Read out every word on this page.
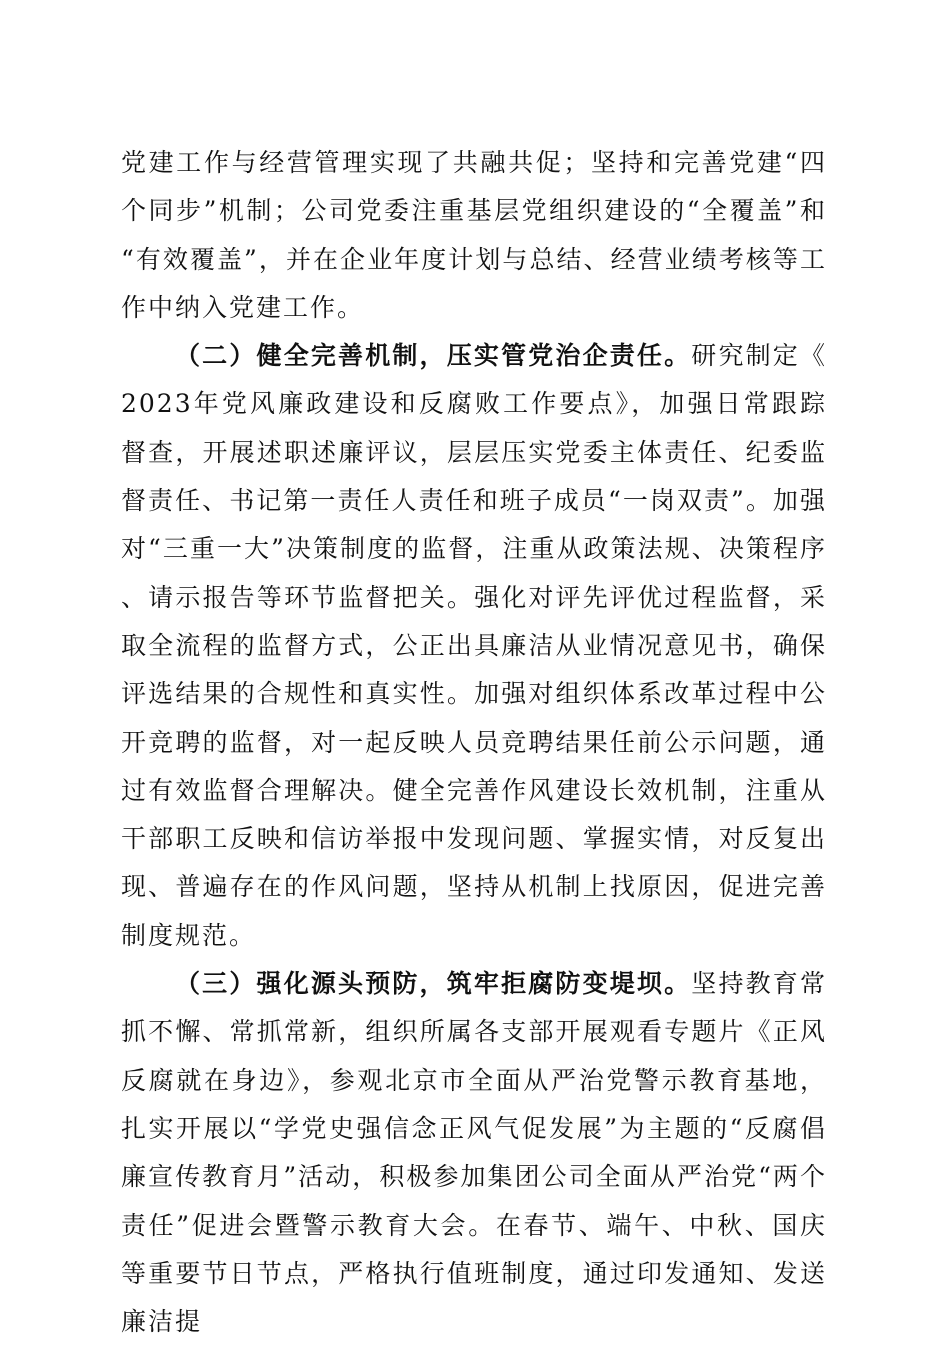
党建工作与经营管理实现了共融共促；坚持和完善党建“四个同步”机制；公司党委注重基层党组织建设的“全覆盖”和“有效覆盖”，并在企业年度计划与总结、经营业绩考核等工作中纳入党建工作。

（二）健全完善机制，压实管党治企责任。研究制定《2023年党风廉政建设和反腐败工作要点》，加强日常跟踪督查，开展述职述廉评议，层层压实党委主体责任、纪委监督责任、书记第一责任人责任和班子成员“一岗双责”。加强对“三重一大”决策制度的监督，注重从政策法规、决策程序、请示报告等环节监督把关。强化对评先评优过程监督，采取全流程的监督方式，公正出具廉洁从业情况意见书，确保评选结果的合规性和真实性。加强对组织体系改革过程中公开竞聘的监督，对一起反映人员竞聘结果任前公示问题，通过有效监督合理解决。健全完善作风建设长效机制，注重从干部职工反映和信访举报中发现问题、掌握实情，对反复出现、普遍存在的作风问题，坚持从机制上找原因，促进完善制度规范。

（三）强化源头预防，筑牢拒腐防变堤坝。坚持教育常抓不懈、常抓常新，组织所属各支部开展观看专题片《正风反腐就在身边》，参观北京市全面从严治党警示教育基地，扎实开展以“学党史强信念正风气促发展”为主题的“反腐倡廉宣传教育月”活动，积极参加集团公司全面从严治党“两个责任”促进会暨警示教育大会。在春节、端午、中秋、国庆等重要节日节点，严格执行值班制度，通过印发通知、发送廉洁提
